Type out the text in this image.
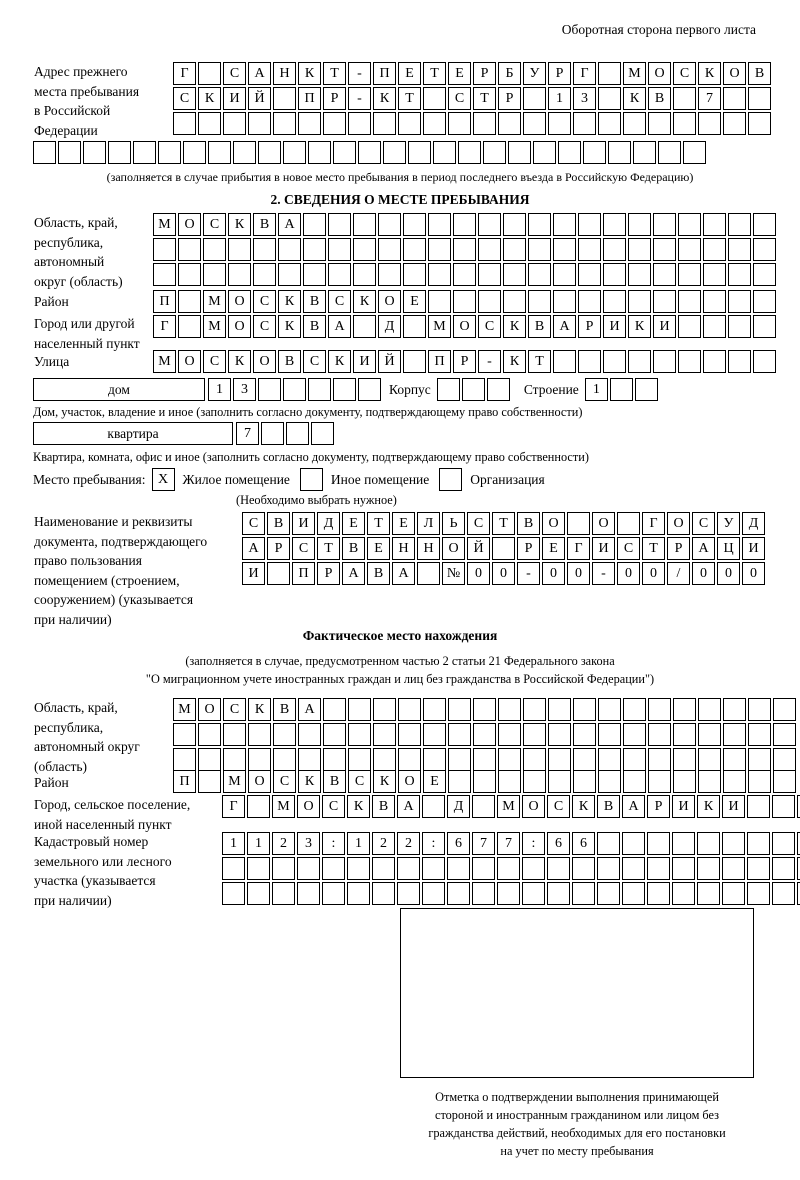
Оборотная сторона первого листа
Адрес прежнего
места пребывания
в Российской
Федерации
Г	С	А	Н	К	Т	-	П	Е	Т	Е	Р	Б	У	Р	Г	М О	С	К	О	В
С	К	И	Й	П	Р	-	К	Т	С	Т	Р	1	3	К	В	7
(заполняется в случае прибытия в новое место пребывания в период последнего въезда в Российскую Федерацию)
2. СВЕДЕНИЯ О МЕСТЕ ПРЕБЫВАНИЯ
Область, край,
республика,
автономный
округ (область)
М О	С	К	В	А
Район	П	М О	С	К	В	С	К	О	Е
Город или другой
населенный пункт
Г	М О	С	К	В	А	Д	М О	С	К	В	А	Р	И	К	И
Улица	М О	С	К	О	В	С	К	И	Й	П	Р	-	К	Т
дом	1	3	Корпус	Строение	1
Дом, участок, владение и иное (заполнить согласно документу, подтверждающему право собственности)
квартира	7
Квартира, комната, офис и иное (заполнить согласно документу, подтверждающему право собственности)
Место пребывания: Х	Жилое помещение	Иное помещение	Организация
(Необходимо выбрать нужное)
Наименование и реквизиты
документа, подтверждающего
право пользования
помещением (строением,
сооружением) (указывается
при наличии)
С	В	И	Д	Е	Т	Е	Л	Ь	С	Т	В	О	О	Г	О	С	У	Д
А	Р	С	Т	В	Е	Н	Н	О	Й	Р	Е	Г	И	С	Т	Р	А	Ц	И
И	П	Р	А	В	А	№	0	0	-	0	0	-	0	0	/	0	0	0
Фактическое место нахождения
(заполняется в случае, предусмотренном частью 2 статьи 21 Федерального закона
"О миграционном учете иностранных граждан и лиц без гражданства в Российской Федерации")
Область, край,
республика,
автономный округ
(область)
М О	С	К	В	А
Район	П	М О	С	К	В	С	К	О	Е
Город, сельское поселение,
иной населенный пункт
Г	М О	С	К	В	А	Д	М О	С	К	В	А	Р	И	К	И
Кадастровый номер
земельного или лесного
участка (указывается
при наличии)
1	1	2	3	:	1	2	2	:	6	7	7	:	6	6
Отметка о подтверждении выполнения принимающей
стороной и иностранным гражданином или лицом без
гражданства действий, необходимых для его постановки
на учет по месту пребывания
